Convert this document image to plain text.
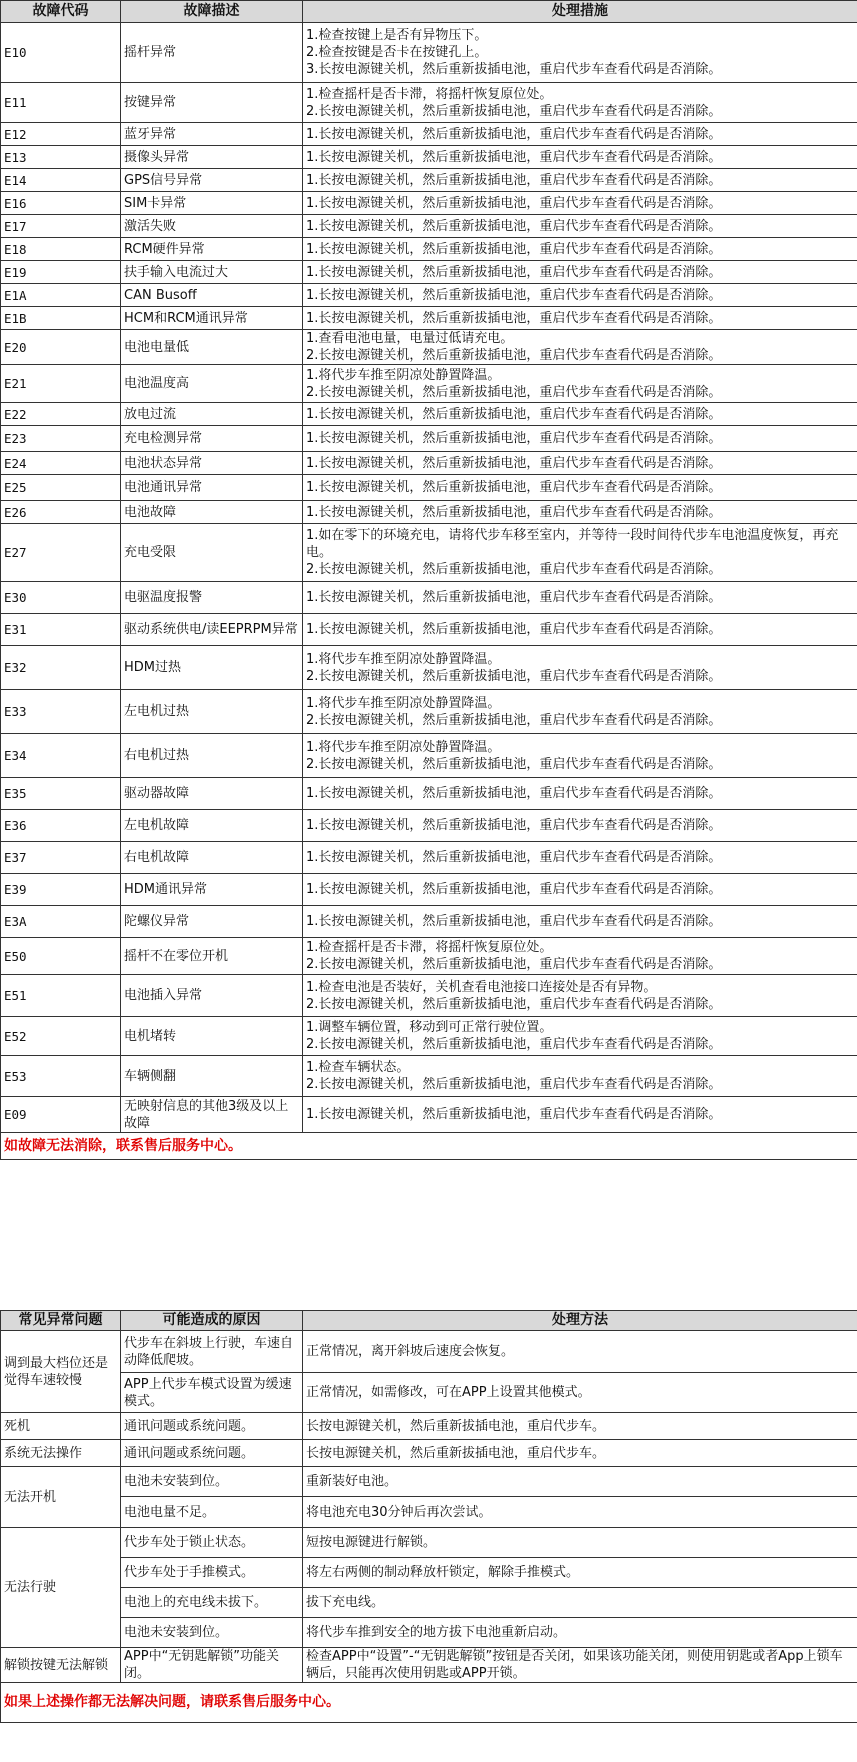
故障代码	故障描述	处理措施
E10	摇杆异常	1.检查按键上是否有异物压下。
2.检查按键是否卡在按键孔上。
3.长按电源键关机，然后重新拔插电池，重启代步车查看代码是否消除。

E11	按键异常	1.检查摇杆是否卡滞，将摇杆恢复原位处。
2.长按电源键关机，然后重新拔插电池，重启代步车查看代码是否消除。

E12	蓝牙异常	1.长按电源键关机，然后重新拔插电池，重启代步车查看代码是否消除。

E13	摄像头异常	1.长按电源键关机，然后重新拔插电池，重启代步车查看代码是否消除。

E14	GPS信号异常	1.长按电源键关机，然后重新拔插电池，重启代步车查看代码是否消除。

E16	SIM卡异常	1.长按电源键关机，然后重新拔插电池，重启代步车查看代码是否消除。

E17	激活失败	1.长按电源键关机，然后重新拔插电池，重启代步车查看代码是否消除。

E18	RCM硬件异常	1.长按电源键关机，然后重新拔插电池，重启代步车查看代码是否消除。

E19	扶手输入电流过大	1.长按电源键关机，然后重新拔插电池，重启代步车查看代码是否消除。

E1A	CAN Busoff	1.长按电源键关机，然后重新拔插电池，重启代步车查看代码是否消除。

E1B	HCM和RCM通讯异常	1.长按电源键关机，然后重新拔插电池，重启代步车查看代码是否消除。

E20	电池电量低	1.查看电池电量，电量过低请充电。
2.长按电源键关机，然后重新拔插电池，重启代步车查看代码是否消除。

E21	电池温度高	1.将代步车推至阴凉处静置降温。
2.长按电源键关机，然后重新拔插电池，重启代步车查看代码是否消除。

E22	放电过流	1.长按电源键关机，然后重新拔插电池，重启代步车查看代码是否消除。

E23	充电检测异常	1.长按电源键关机，然后重新拔插电池，重启代步车查看代码是否消除。

E24	电池状态异常	1.长按电源键关机，然后重新拔插电池，重启代步车查看代码是否消除。

E25	电池通讯异常	1.长按电源键关机，然后重新拔插电池，重启代步车查看代码是否消除。

E26	电池故障	1.长按电源键关机，然后重新拔插电池，重启代步车查看代码是否消除。

E27	充电受限	1.如在零下的环境充电，请将代步车移至室内，并等待一段时间待代步车电池温度恢复，再充电。
2.长按电源键关机，然后重新拔插电池，重启代步车查看代码是否消除。

E30	电驱温度报警	1.长按电源键关机，然后重新拔插电池，重启代步车查看代码是否消除。

E31	驱动系统供电/读EEPRPM异常	1.长按电源键关机，然后重新拔插电池，重启代步车查看代码是否消除。

E32	HDM过热	1.将代步车推至阴凉处静置降温。
2.长按电源键关机，然后重新拔插电池，重启代步车查看代码是否消除。

E33	左电机过热	1.将代步车推至阴凉处静置降温。
2.长按电源键关机，然后重新拔插电池，重启代步车查看代码是否消除。

E34	右电机过热	1.将代步车推至阴凉处静置降温。
2.长按电源键关机，然后重新拔插电池，重启代步车查看代码是否消除。

E35	驱动器故障	1.长按电源键关机，然后重新拔插电池，重启代步车查看代码是否消除。

E36	左电机故障	1.长按电源键关机，然后重新拔插电池，重启代步车查看代码是否消除。

E37	右电机故障	1.长按电源键关机，然后重新拔插电池，重启代步车查看代码是否消除。

E39	HDM通讯异常	1.长按电源键关机，然后重新拔插电池，重启代步车查看代码是否消除。

E3A	陀螺仪异常	1.长按电源键关机，然后重新拔插电池，重启代步车查看代码是否消除。

E50	摇杆不在零位开机	1.检查摇杆是否卡滞，将摇杆恢复原位处。
2.长按电源键关机，然后重新拔插电池，重启代步车查看代码是否消除。

E51	电池插入异常	1.检查电池是否装好，关机查看电池接口连接处是否有异物。
2.长按电源键关机，然后重新拔插电池，重启代步车查看代码是否消除。

E52	电机堵转	1.调整车辆位置，移动到可正常行驶位置。
2.长按电源键关机，然后重新拔插电池，重启代步车查看代码是否消除。

E53	车辆侧翻	1.检查车辆状态。
2.长按电源键关机，然后重新拔插电池，重启代步车查看代码是否消除。

E09	无映射信息的其他3级及以上故障	1.长按电源键关机，然后重新拔插电池，重启代步车查看代码是否消除。

如故障无法消除，联系售后服务中心。		
常见异常问题	可能造成的原因	处理方法
调到最大档位还是觉得车速较慢	代步车在斜坡上行驶，车速自动降低爬坡。	正常情况，离开斜坡后速度会恢复。
	APP上代步车模式设置为缓速模式。	正常情况，如需修改，可在APP上设置其他模式。
死机	通讯问题或系统问题。	长按电源键关机，然后重新拔插电池，重启代步车。
系统无法操作	通讯问题或系统问题。	长按电源键关机，然后重新拔插电池，重启代步车。
无法开机	电池未安装到位。	重新装好电池。
	电池电量不足。	将电池充电30分钟后再次尝试。
无法行驶	代步车处于锁止状态。	短按电源键进行解锁。
	代步车处于手推模式。	将左右两侧的制动释放杆锁定，解除手推模式。
	电池上的充电线未拔下。	拔下充电线。
	电池未安装到位。	将代步车推到安全的地方拔下电池重新启动。
解锁按键无法解锁	APP中“无钥匙解锁”功能关闭。	检查APP中“设置”-“无钥匙解锁”按钮是否关闭，如果该功能关闭，则使用钥匙或者App上锁车辆后，只能再次使用钥匙或APP开锁。
如果上述操作都无法解决问题，请联系售后服务中心。		
